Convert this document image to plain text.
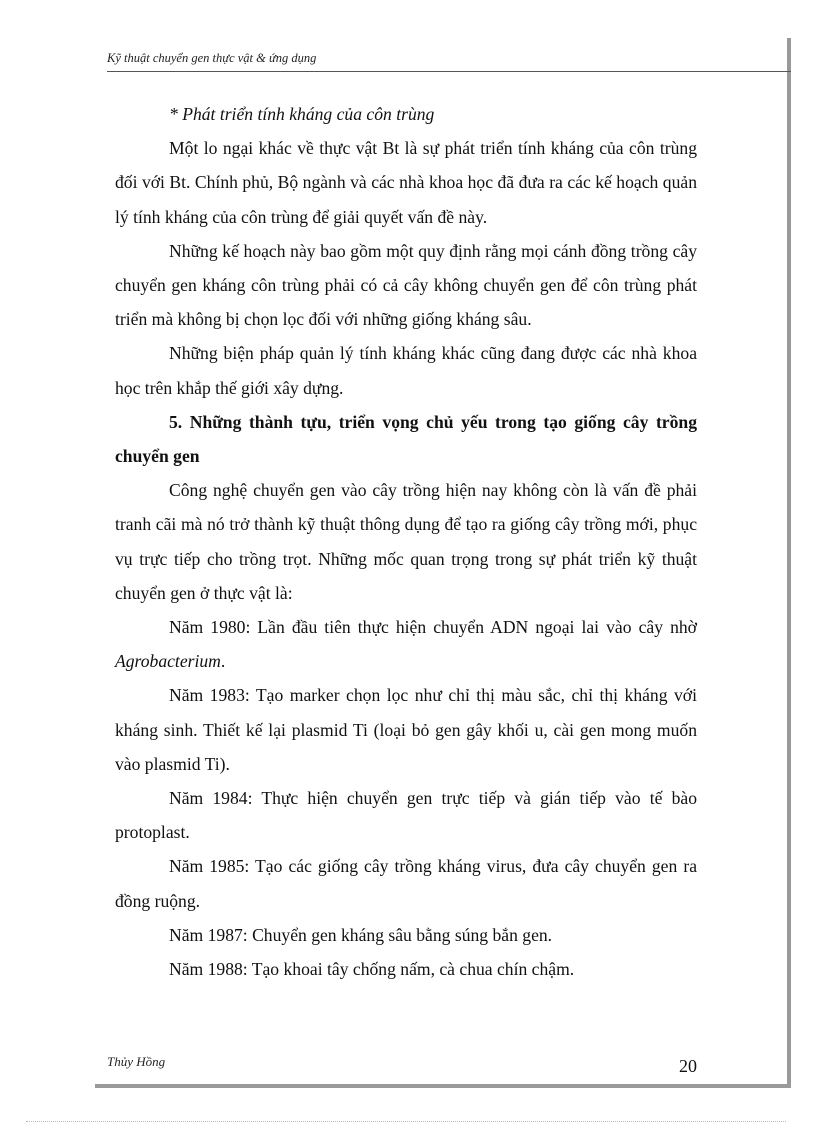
Kỹ thuật chuyển gen thực vật & ứng dụng

* Phát triển tính kháng của côn trùng

Một lo ngại khác về thực vật Bt là sự phát triển tính kháng của côn trùng đối với Bt. Chính phủ, Bộ ngành và các nhà khoa học đã đưa ra các kế hoạch quản lý tính kháng của côn trùng để giải quyết vấn đề này.

Những kế hoạch này bao gồm một quy định rằng mọi cánh đồng trồng cây chuyển gen kháng côn trùng phải có cả cây không chuyển gen để côn trùng phát triển mà không bị chọn lọc đối với những giống kháng sâu.

Những biện pháp quản lý tính kháng khác cũng đang được các nhà khoa học trên khắp thế giới xây dựng.

5. Những thành tựu, triển vọng chủ yếu trong tạo giống cây trồng chuyển gen

Công nghệ chuyển gen vào cây trồng hiện nay không còn là vấn đề phải tranh cãi mà nó trở thành kỹ thuật thông dụng để tạo ra giống cây trồng mới, phục vụ trực tiếp cho trồng trọt. Những mốc quan trọng trong sự phát triển kỹ thuật chuyển gen ở thực vật là:

Năm 1980: Lần đầu tiên thực hiện chuyển ADN ngoại lai vào cây nhờ Agrobacterium.

Năm 1983: Tạo marker chọn lọc như chỉ thị màu sắc, chỉ thị kháng với kháng sinh. Thiết kế lại plasmid Ti (loại bỏ gen gây khối u, cài gen mong muốn vào plasmid Ti).

Năm 1984: Thực hiện chuyển gen trực tiếp và gián tiếp vào tế bào protoplast.

Năm 1985: Tạo các giống cây trồng kháng virus, đưa cây chuyển gen ra đồng ruộng.

Năm 1987: Chuyển gen kháng sâu bằng súng bắn gen.

Năm 1988: Tạo khoai tây chống nấm, cà chua chín chậm.

Thủy Hồng	20
